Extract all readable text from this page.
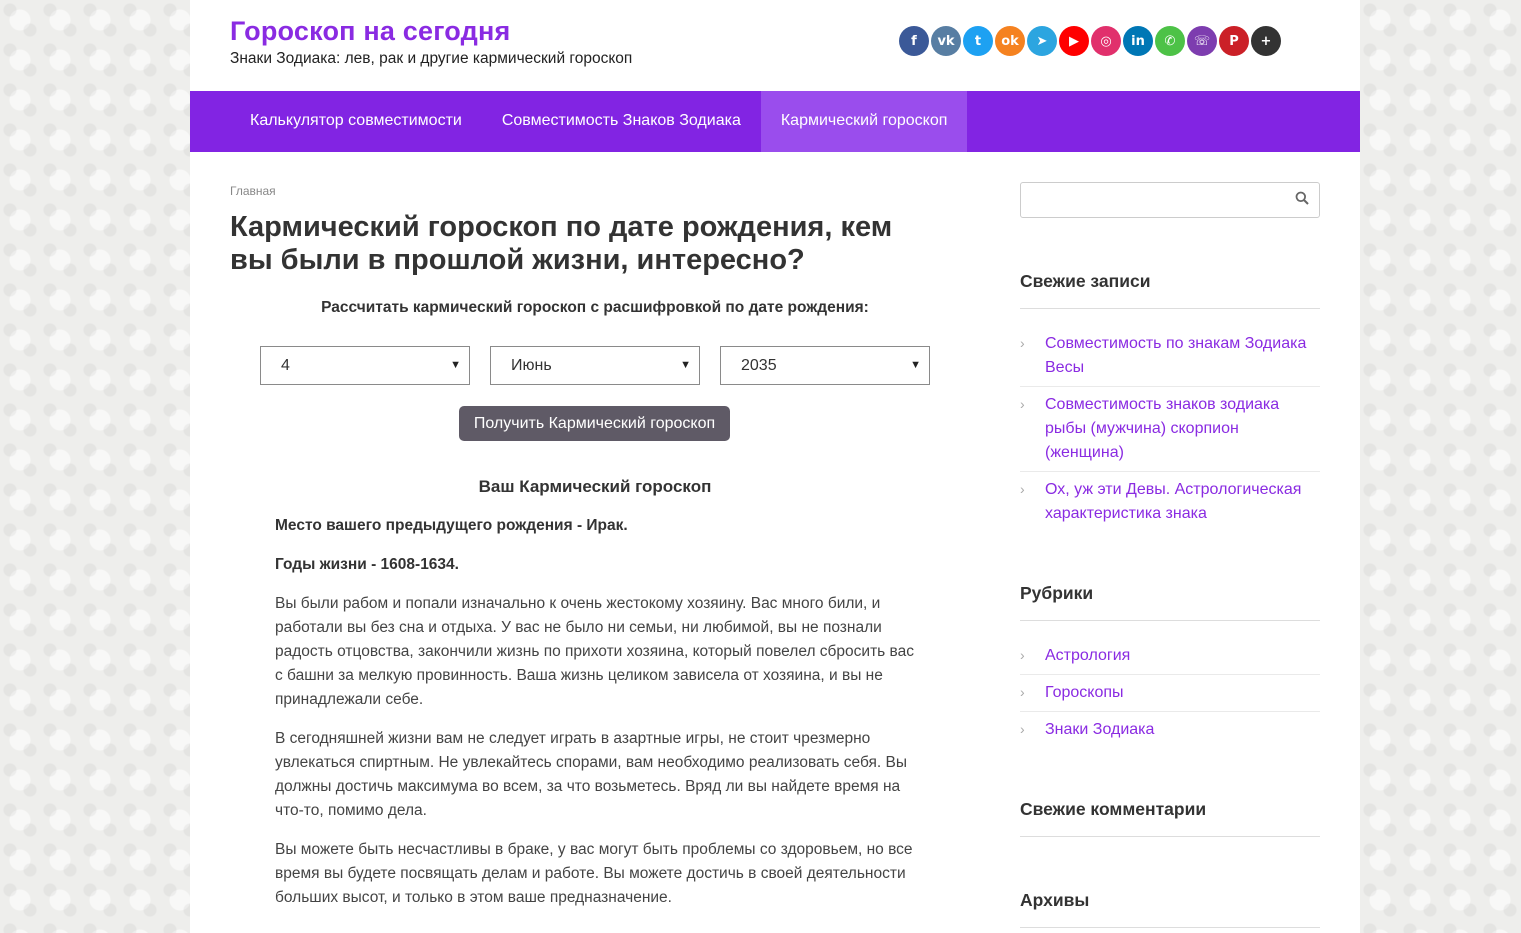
Гороскоп на сегодня
Знаки Зодиака: лев, рак и другие кармический гороскоп
f	vk	t	ok	➤	▶	◎	in	✆	☏	P	+
Калькулятор совместимости	Совместимость Знаков Зодиака	Кармический гороскоп
Главная
Кармический гороскоп по дате рождения, кем вы были в прошлой жизни, интересно?
Рассчитать кармический гороскоп с расшифровкой по дате рождения:
4	▼	Июнь	▼	2035	▼
Получить Кармический гороскоп
Ваш Кармический гороскоп
Место вашего предыдущего рождения - Ирак.
Годы жизни - 1608-1634.

Вы были рабом и попали изначально к очень жестокому хозяину. Вас много били, и работали вы без сна и отдыха. У вас не было ни семьи, ни любимой, вы не познали радость отцовства, закончили жизнь по прихоти хозяина, который повелел сбросить вас с башни за мелкую провинность. Ваша жизнь целиком зависела от хозяина, и вы не принадлежали себе.

В сегодняшней жизни вам не следует играть в азартные игры, не стоит чрезмерно увлекаться спиртным. Не увлекайтесь спорами, вам необходимо реализовать себя. Вы должны достичь максимума во всем, за что возьметесь. Вряд ли вы найдете время на что-то, помимо дела.

Вы можете быть несчастливы в браке, у вас могут быть проблемы со здоровьем, но все время вы будете посвящать делам и работе. Вы можете достичь в своей деятельности больших высот, и только в этом ваше предназначение.

Свежие записи
› Совместимость по знакам Зодиака Весы
› Совместимость знаков зодиака рыбы (мужчина) скорпион (женщина)
› Ох, уж эти Девы. Астрологическая характеристика знака
Рубрики
› Астрология
› Гороскопы
› Знаки Зодиака
Свежие комментарии
Архивы
